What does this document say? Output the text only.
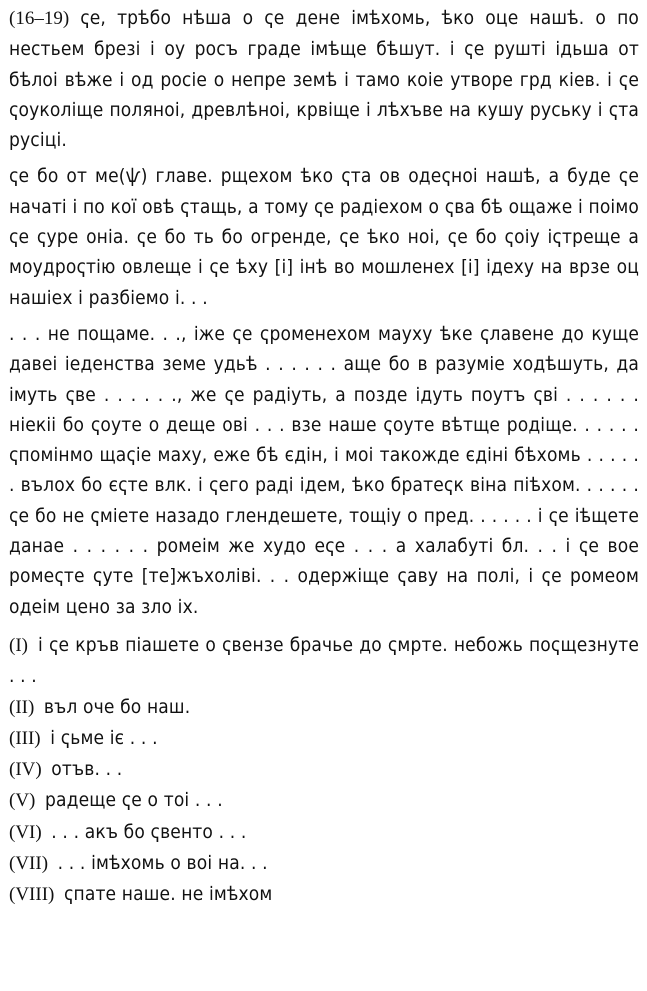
(16–19) ҁе, трѣбо нѣша о ҁе дене імѣхомь, ѣко оце нашѣ. о по нестьем брезі і оу росъ граде імѣще бѣшут. і ҁе руштi ідьша от бѣлоі вѣже і од росiе о непре земѣ і тамо коiе утворе грд кiев. і ҁе ҁоуколіще поляноі, древлѣноі, крвіще і лѣхъве на кушу руську і ҁта русіці.

ҁе бо от ме(ѱ) главе. рщехом ѣко ҁта ов одеҁноі нашѣ, а буде ҁе начаті і по кої овѣ ҁтащь, а тому ҁе радіехом о ҁва бѣ ощаже і поімо ҁе ҁуре оніа. ҁе бо ть бо огренде, ҁе ѣко ноі, ҁе бо ҁоiу іҁтреще а моудроҁтію овлеще і ҁе ѣху [і] інѣ во мошленех [і] ідеху на врзе оц нашіех і разбіемо і. . .

. . . не пощаме. . ., іже ҁе ҁроменехом мауху ѣке ҁлавене до куще давеі іеденства земе удьѣ . . . . . . аще бо в разумiе ходѣшуть, да імуть ҁве . . . . . ., же ҁе радіуть, а позде ідуть поутъ ҁві . . . . . . ніекіі бо ҁоуте о деще овi . . . взе наше ҁоуте вѣтще родіще. . . . . . ҁпомінмо щаҁіе маху, еже бѣ єдін, і моі такожде єдіні бѣхомь . . . . . . вълох бо єҁте влк. і ҁего раді ідем, ѣко братеҁк віна піѣхом. . . . . . ҁе бо не ҁмiете назадо глендешете, тощіу о пред. . . . . . і ҁе іѣщете данае . . . . . . ромеім же худо еҁе . . . а халабуті бл. . . і ҁе вое ромеҁте ҁуте [те]жъхолiві. . . одержіще ҁаву на полі, і ҁе ромеом одеім цено за зло іх.

(I) і ҁе кръв піашете о ҁвензе брачье до ҁмрте. небожь поҁщезнуте . . .
(II) въл оче бо наш.
(III) і ҁьме іє . . .
(IV) отъв. . .
(V) радеще ҁе о тоі . . .
(VI) . . . акъ бо ҁвенто . . .
(VII) . . . імѣхомь о воі на. . .
(VIII) ҁпате наше. не імѣхом
